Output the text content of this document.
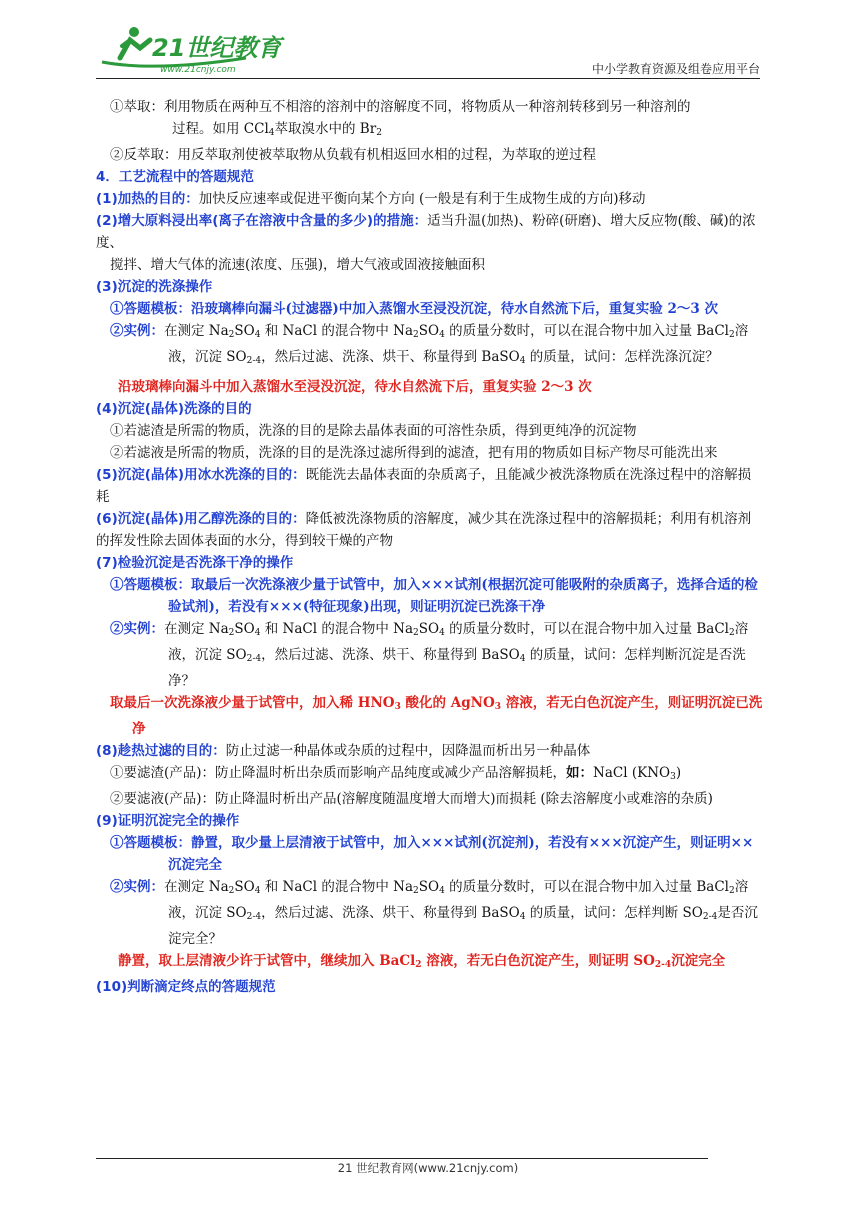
21世纪教育
www.21cnjy.com	中小学教育资源及组卷应用平台

①萃取：利用物质在两种互不相溶的溶剂中的溶解度不同，将物质从一种溶剂转移到另一种溶剂的

过程。如用 CCl$_4$萃取溴水中的 $Br_2$

②反萃取：用反萃取剂使被萃取物从负载有机相返回水相的过程，为萃取的逆过程

4．工艺流程中的答题规范

(1)加热的目的：加快反应速率或促进平衡向某个方向 (一般是有利于生成物生成的方向)移动

(2)增大原料浸出率(离子在溶液中含量的多少)的措施：适当升温(加热)、粉碎(研磨)、增大反应物(酸、碱)的浓度、

搅拌、增大气体的流速(浓度、压强)，增大气液或固液接触面积

(3)沉淀的洗涤操作

①答题模板：沿玻璃棒向漏斗(过滤器)中加入蒸馏水至浸没沉淀，待水自然流下后，重复实验 2～3 次

②实例：在测定 $Na_2SO_4$ 和 NaCl 的混合物中 $Na_2SO_4$ 的质量分数时，可以在混合物中加入过量 BaCl$_2$溶液，沉淀 $SO_{2-4}$，然后过滤、洗涤、烘干、称量得到 BaSO$_4$ 的质量，试问：怎样洗涤沉淀？

沿玻璃棒向漏斗中加入蒸馏水至浸没沉淀，待水自然流下后，重复实验 2～3 次

(4)沉淀(晶体)洗涤的目的

①若滤渣是所需的物质，洗涤的目的是除去晶体表面的可溶性杂质，得到更纯净的沉淀物

②若滤液是所需的物质，洗涤的目的是洗涤过滤所得到的滤渣，把有用的物质如目标产物尽可能洗出来

(5)沉淀(晶体)用冰水洗涤的目的：既能洗去晶体表面的杂质离子，且能减少被洗涤物质在洗涤过程中的溶解损耗

(6)沉淀(晶体)用乙醇洗涤的目的：降低被洗涤物质的溶解度，减少其在洗涤过程中的溶解损耗；利用有机溶剂的挥发性除去固体表面的水分，得到较干燥的产物

(7)检验沉淀是否洗涤干净的操作

①答题模板：取最后一次洗涤液少量于试管中，加入×××试剂(根据沉淀可能吸附的杂质离子，选择合适的检验试剂)，若没有×××(特征现象)出现，则证明沉淀已洗涤干净

②实例：在测定 $Na_2SO_4$ 和 NaCl 的混合物中 $Na_2SO_4$ 的质量分数时，可以在混合物中加入过量 BaCl$_2$溶液，沉淀 $SO_{2-4}$，然后过滤、洗涤、烘干、称量得到 BaSO$_4$ 的质量，试问：怎样判断沉淀是否洗净？

取最后一次洗涤液少量于试管中，加入稀 $HNO_3$ 酸化的 AgNO$_3$ 溶液，若无白色沉淀产生，则证明沉淀已洗净

(8)趁热过滤的目的：防止过滤一种晶体或杂质的过程中，因降温而析出另一种晶体

①要滤渣(产品)：防止降温时析出杂质而影响产品纯度或减少产品溶解损耗，如：NaCl $(KNO_3)$

②要滤液(产品)：防止降温时析出产品(溶解度随温度增大而增大)而损耗 (除去溶解度小或难溶的杂质)

(9)证明沉淀完全的操作

①答题模板：静置，取少量上层清液于试管中，加入×××试剂(沉淀剂)，若没有×××沉淀产生，则证明××沉淀完全

②实例：在测定 $Na_2SO_4$ 和 NaCl 的混合物中 $Na_2SO_4$ 的质量分数时，可以在混合物中加入过量 BaCl$_2$溶液，沉淀 $SO_{2-4}$，然后过滤、洗涤、烘干、称量得到 BaSO$_4$ 的质量，试问：怎样判断 $SO_{2-4}$是否沉淀完全？

静置，取上层清液少许于试管中，继续加入 BaCl$_2$ 溶液，若无白色沉淀产生，则证明 $SO_{2-4}$沉淀完全

(10)判断滴定终点的答题规范

21 世纪教育网(www.21cnjy.com)
